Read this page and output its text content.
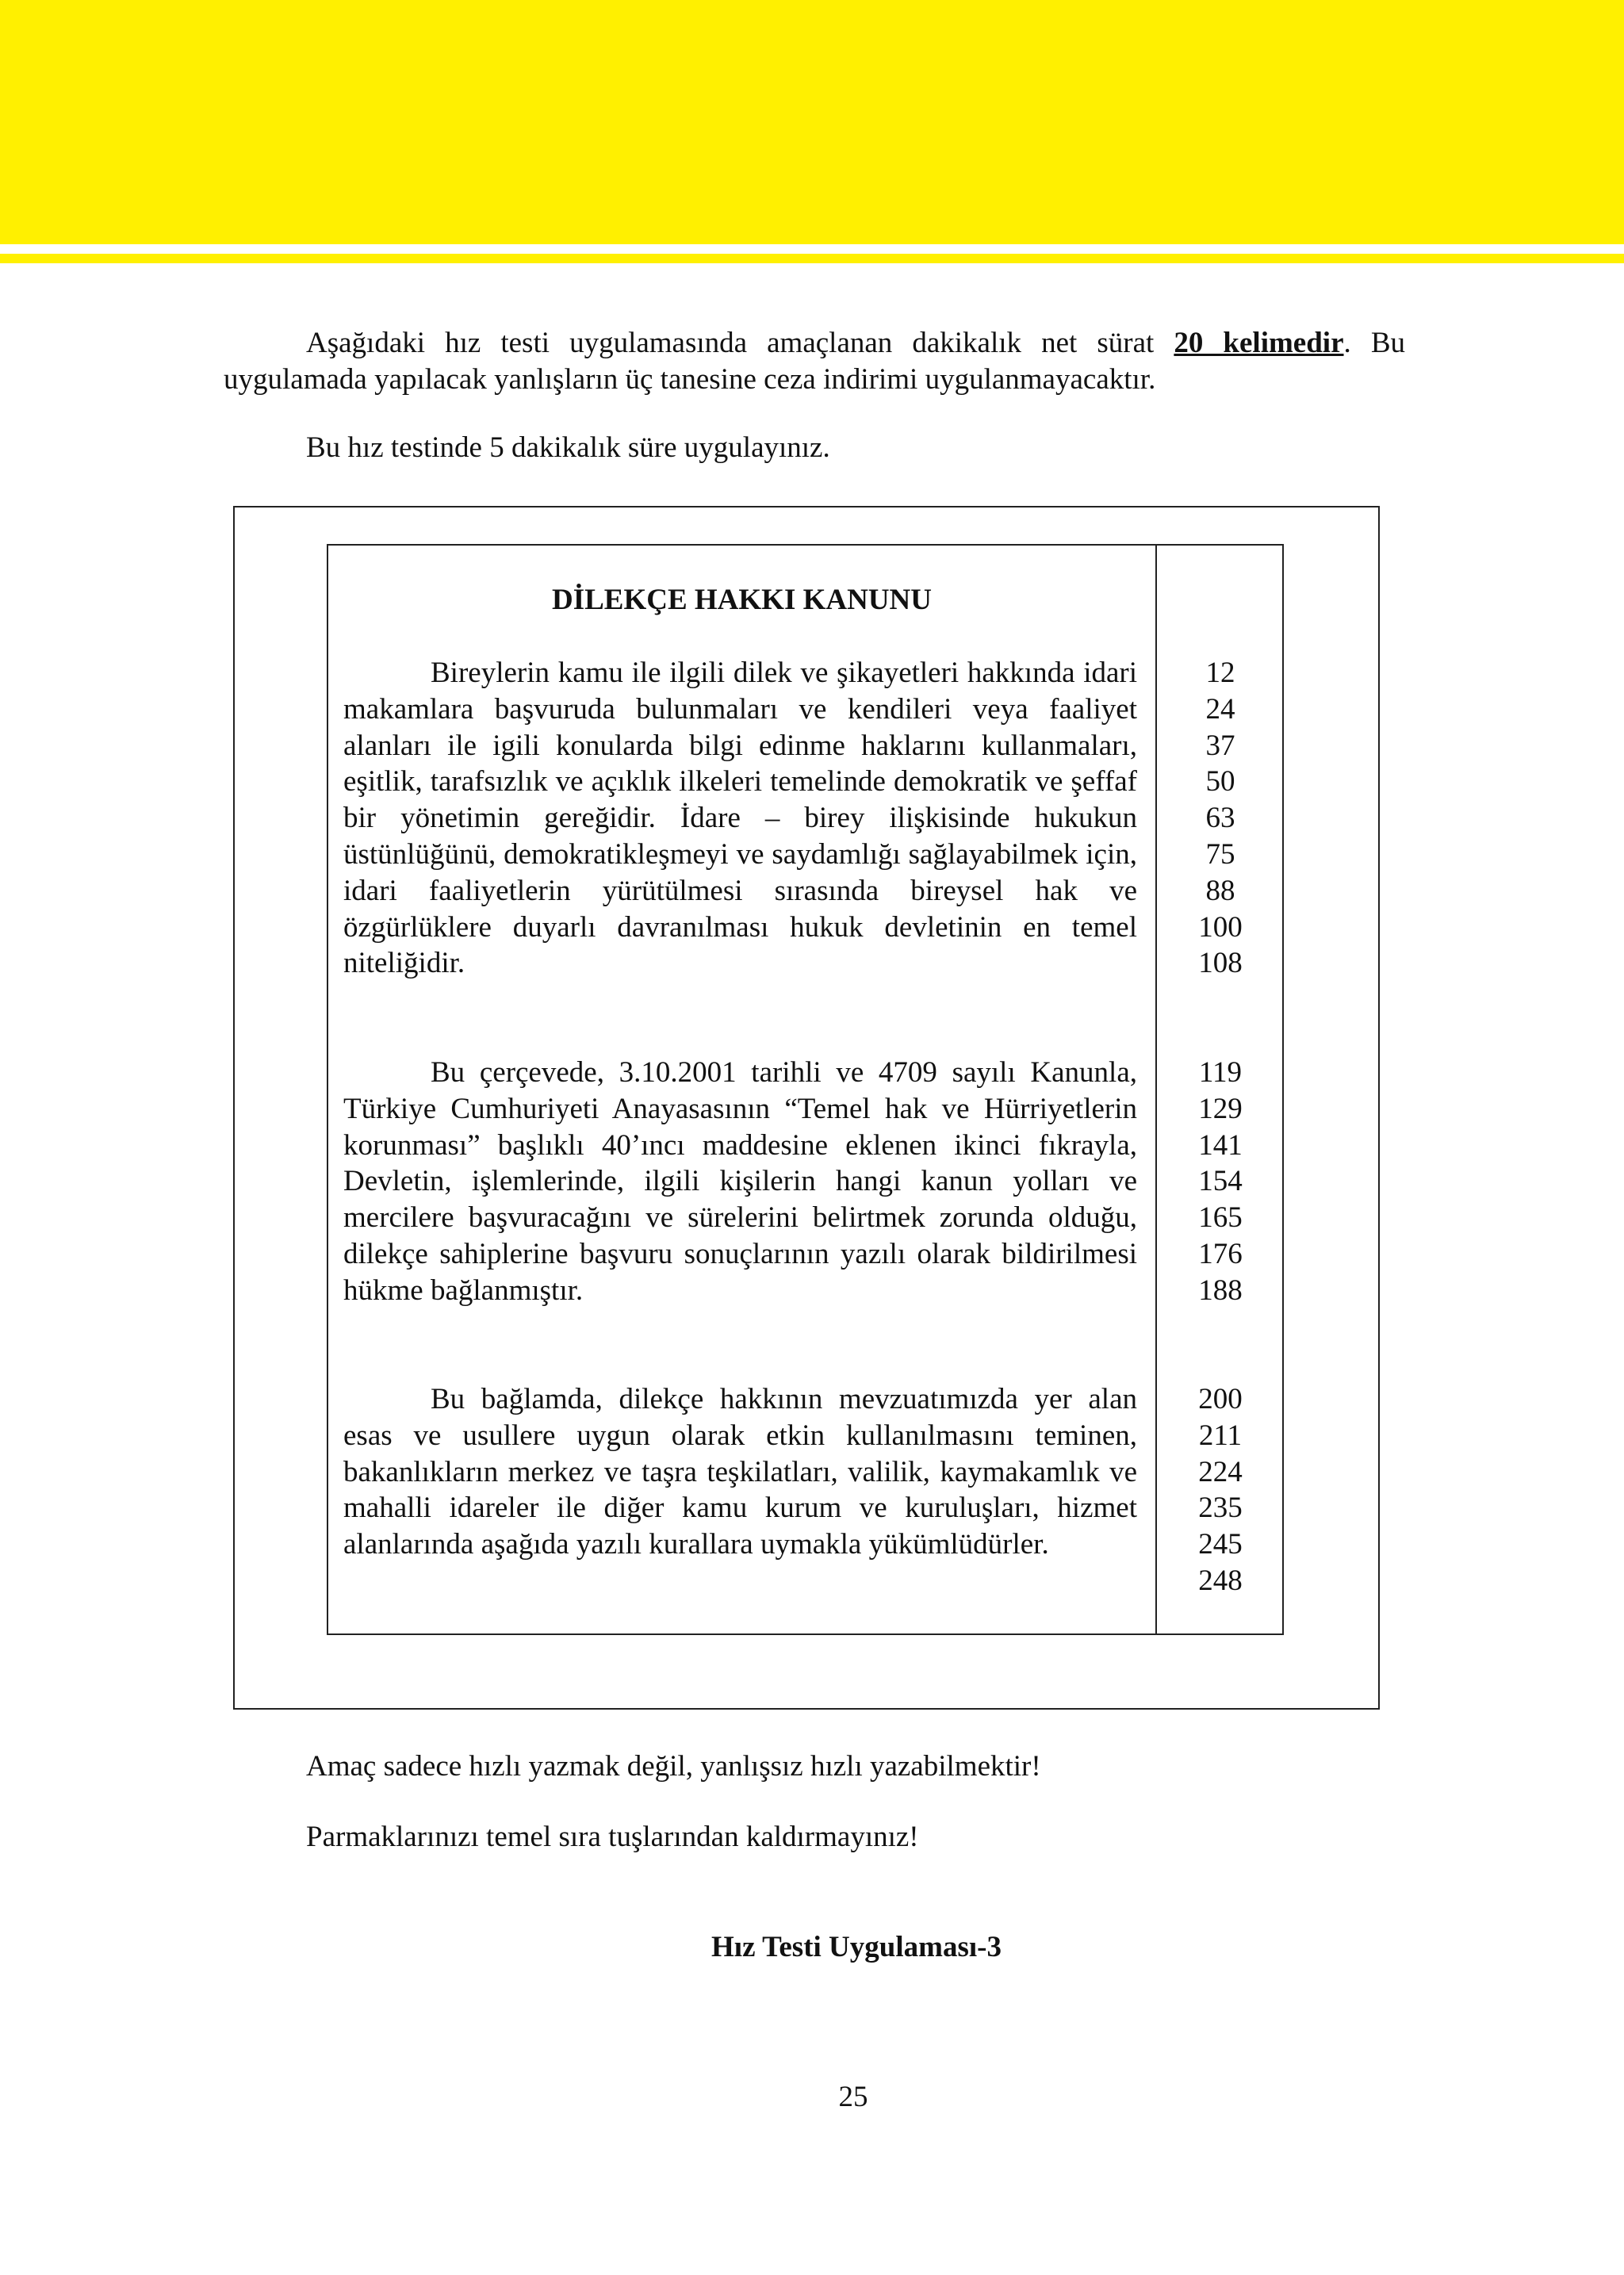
Aşağıdaki hız testi uygulamasında amaçlanan dakikalık net sürat 20 kelimedir. Bu uygulamada yapılacak yanlışların üç tanesine ceza indirimi uygulanmayacaktır.

Bu hız testinde 5 dakikalık süre uygulayınız.

DİLEKÇE HAKKI KANUNU

Bireylerin kamu ile ilgili dilek ve şikayetleri hakkında idari makamlara başvuruda bulunmaları ve kendileri veya faaliyet alanları ile igili konularda bilgi edinme haklarını kullanmaları, eşitlik, tarafsızlık ve açıklık ilkeleri temelinde demokratik ve şeffaf bir yönetimin gereğidir. İdare – birey ilişkisinde hukukun üstünlüğünü, demokratikleşmeyi ve saydamlığı sağlayabilmek için, idari faaliyetlerin yürütülmesi sırasında bireysel hak ve özgürlüklere duyarlı davranılması hukuk devletinin en temel niteliğidir.

12
24
37
50
63
75
88
100
108

Bu çerçevede, 3.10.2001 tarihli ve 4709 sayılı Kanunla, Türkiye Cumhuriyeti Anayasasının “Temel hak ve Hürriyetlerin korunması” başlıklı 40’ıncı maddesine eklenen ikinci fıkrayla, Devletin, işlemlerinde, ilgili kişilerin hangi kanun yolları ve mercilere başvuracağını ve sürelerini belirtmek zorunda olduğu, dilekçe sahiplerine başvuru sonuçlarının yazılı olarak bildirilmesi hükme bağlanmıştır.

119
129
141
154
165
176
188

Bu bağlamda, dilekçe hakkının mevzuatımızda yer alan esas ve usullere uygun olarak etkin kullanılmasını teminen, bakanlıkların merkez ve taşra teşkilatları, valilik, kaymakamlık ve mahalli idareler ile diğer kamu kurum ve kuruluşları, hizmet alanlarında aşağıda yazılı kurallara uymakla yükümlüdürler.

200
211
224
235
245
248
Amaç sadece hızlı yazmak değil, yanlışsız hızlı yazabilmektir!
Parmaklarınızı temel sıra tuşlarından kaldırmayınız!
Hız Testi Uygulaması-3
25
